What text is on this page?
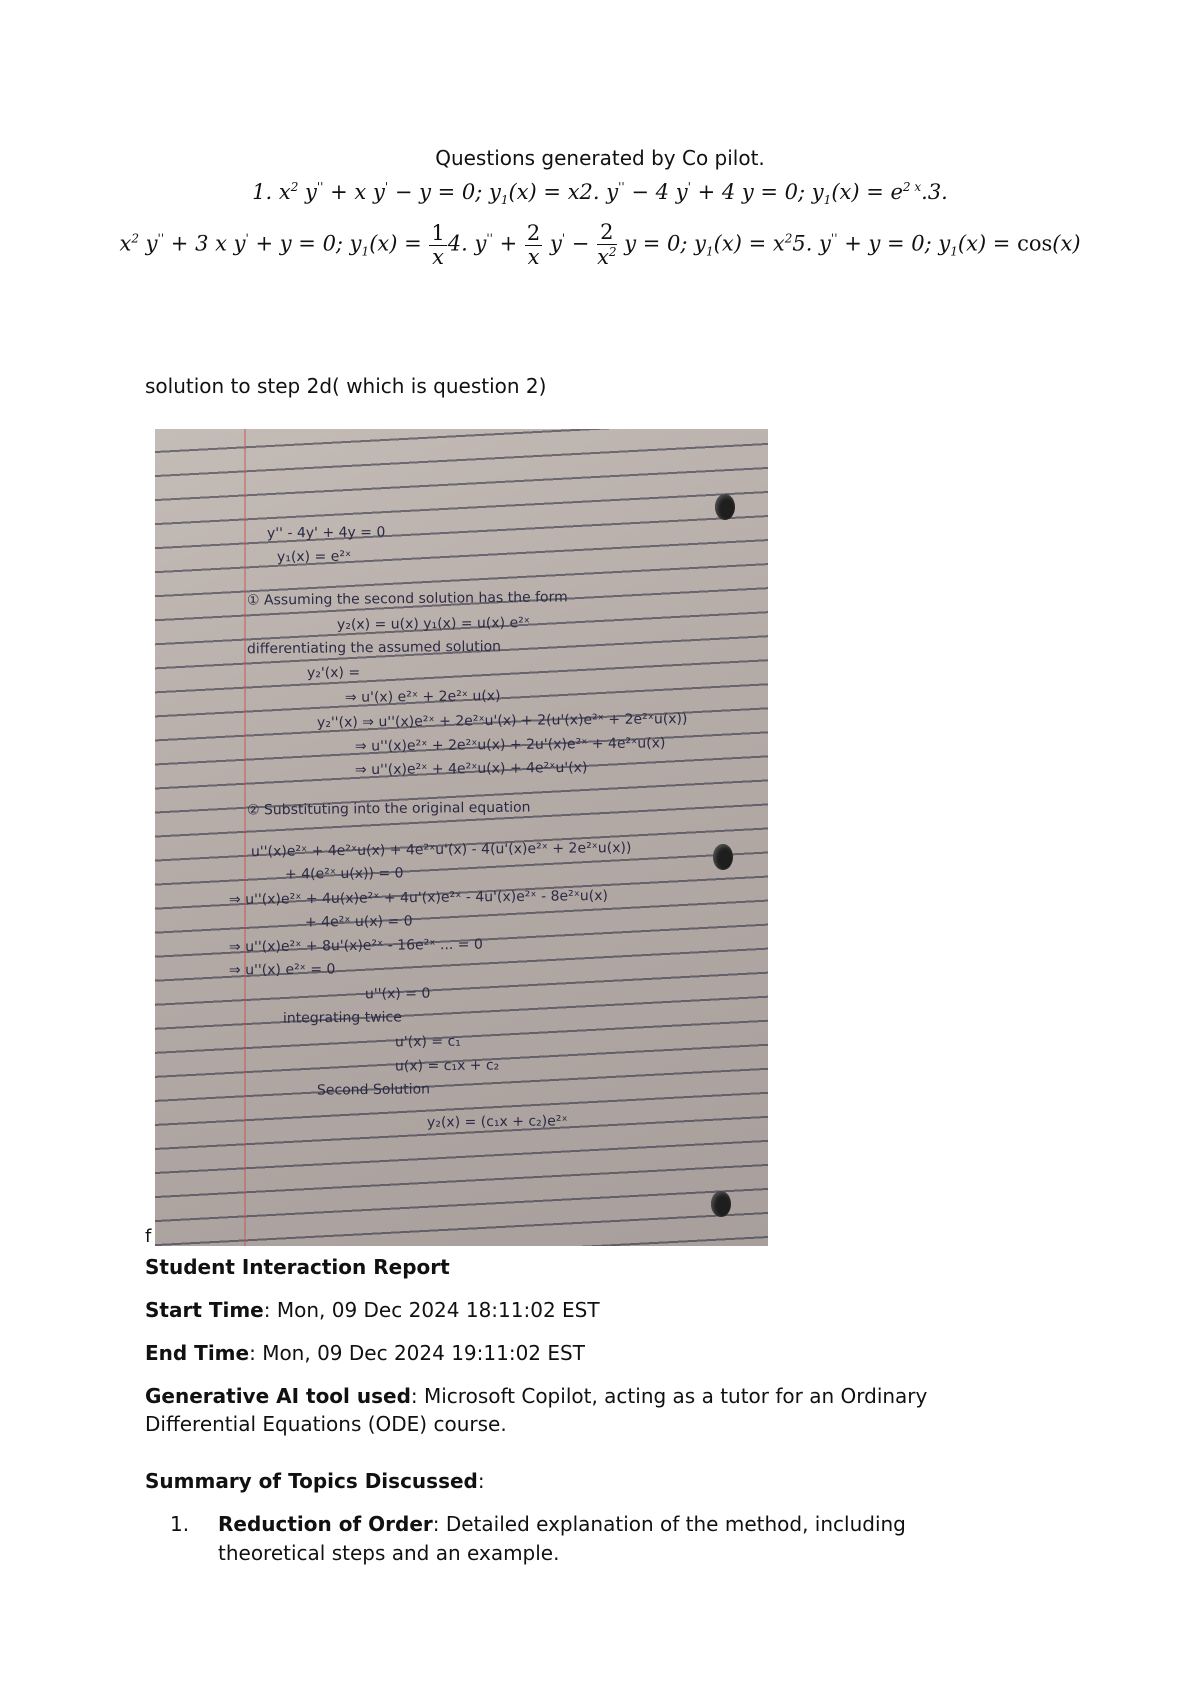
Questions generated by Co pilot.
1. $x^2$ y'' + x y' − y = 0; $y_1(x) = x2$. y'' − 4 y' + 4 y = 0; $y_1(x) = e^{2 x}.3$.
$x^2$ y'' + 3 x y' + y = 0; $y_1(x) = \frac{1}{x} 4$. $y'' + \frac{2}{x} y' - \frac{2}{x^2}$ y = 0; $y_1(x) = x^25$. y'' + y = 0; $y_1(x) = \cos(x)$
solution to step 2d( which is question 2)
y'' - 4y' + 4y = 0
y₁(x) = e²ˣ
① Assuming the second solution has the form
y₂(x) = u(x) y₁(x) = u(x) e²ˣ
differentiating the assumed solution
y₂'(x) =
⇒ u'(x) e²ˣ + 2e²ˣ u(x)
y₂''(x) ⇒ u''(x)e²ˣ + 2e²ˣu'(x) + 2(u'(x)e²ˣ + 2e²ˣu(x))
⇒ u''(x)e²ˣ + 2e²ˣu(x) + 2u'(x)e²ˣ + 4e²ˣu(x)
⇒ u''(x)e²ˣ + 4e²ˣu(x) + 4e²ˣu'(x)
② Substituting into the original equation
u''(x)e²ˣ + 4e²ˣu(x) + 4e²ˣu'(x) - 4(u'(x)e²ˣ + 2e²ˣu(x))
+ 4(e²ˣ u(x)) = 0
⇒ u''(x)e²ˣ + 4u(x)e²ˣ + 4u'(x)e²ˣ - 4u'(x)e²ˣ - 8e²ˣu(x)
+ 4e²ˣ u(x) = 0
⇒ u''(x)e²ˣ + 8u'(x)e²ˣ - 16e²ˣ ... = 0
⇒ u''(x) e²ˣ = 0
u''(x) = 0
integrating twice
u'(x) = c₁
u(x) = c₁x + c₂
Second Solution
y₂(x) = (c₁x + c₂)e²ˣ
f
Student Interaction Report
Start Time: Mon, 09 Dec 2024 18:11:02 EST
End Time: Mon, 09 Dec 2024 19:11:02 EST
Generative AI tool used: Microsoft Copilot, acting as a tutor for an Ordinary
Differential Equations (ODE) course.
Summary of Topics Discussed:
1. Reduction of Order: Detailed explanation of the method, including
theoretical steps and an example.
